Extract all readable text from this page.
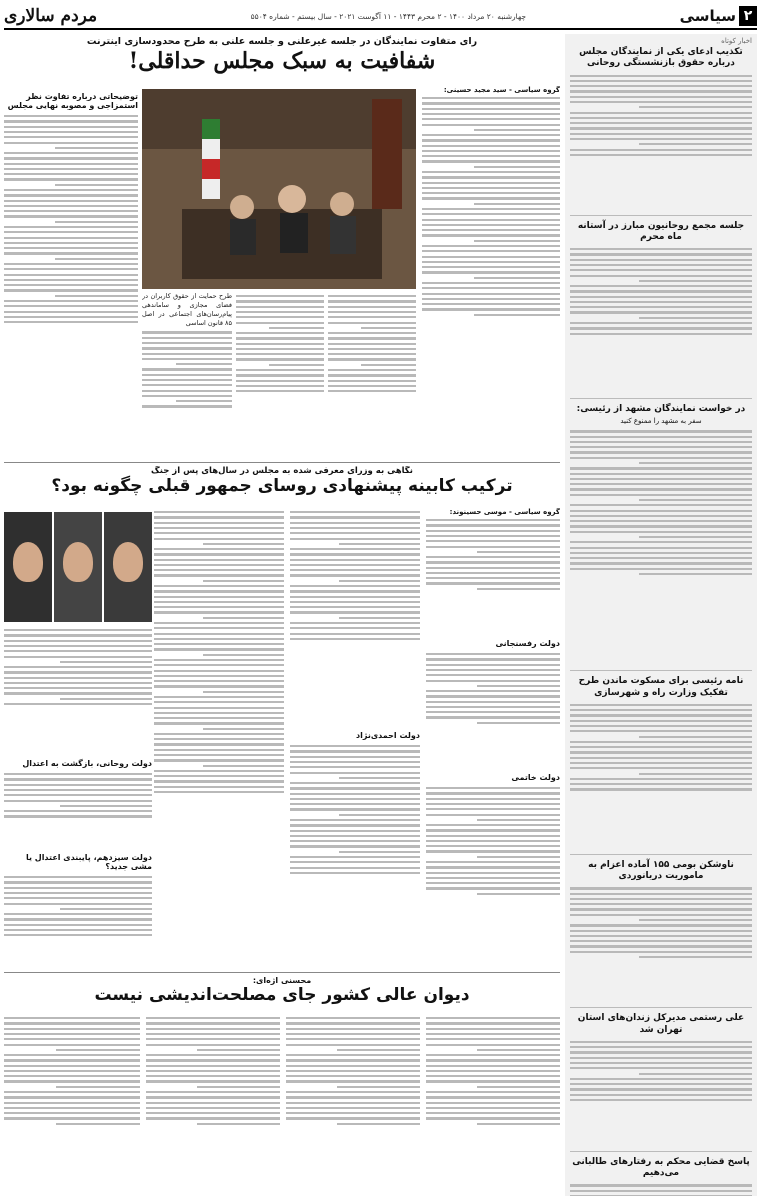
۲
سیاسی
چهارشنبه ۲۰ مرداد ۱۴۰۰ - ۲ محرم ۱۴۴۳ - ۱۱ آگوست ۲۰۲۱ - سال بیستم - شماره ۵۵۰۴
مردم سالاری
اخبار کوتاه
تکذیب ادعای یکی از نمایندگان مجلس درباره حقوق بازنشستگی روحانی
جلسه مجمع روحانیون مبارز در آستانه ماه محرم
در خواست نمایندگان مشهد از رئیسی:
سفر به مشهد را ممنوع کنید
نامه رئیسی برای مسکوت ماندن طرح تفکیک وزارت راه و شهرسازی
ناوشکن بومی ۱۵۵ آماده اعزام به ماموریت دریانوردی
علی رستمی مدیرکل زندان‌های استان تهران شد
پاسخ قضایی محکم به رفتارهای طالبانی می‌دهیم
رای متفاوت نمایندگان در جلسه غیرعلنی و جلسه علنی به طرح محدودسازی اینترنت
شفافیت به سبک مجلس حداقلی!
گروه سیاسی - سید مجید حسینی:
طرح حمایت از حقوق کاربران در فضای مجازی و ساماندهی پیام‌رسان‌های اجتماعی در اصل ۸۵ قانون اساسی
توضیحاتی درباره تفاوت نظر استمزاجی و مصوبه نهایی مجلس
نگاهی به وزرای معرفی شده به مجلس در سال‌های پس از جنگ
ترکیب کابینه پیشنهادی روسای جمهور قبلی چگونه بود؟
گروه سیاسی - موسی حسینوند:
دولت رفسنجانی
دولت خاتمی
دولت احمدی‌نژاد
دولت روحانی، بازگشت به اعتدال
دولت سیزدهم، پایبندی اعتدال یا مشی جدید؟
محسنی اژه‌ای:
دیوان عالی کشور جای مصلحت‌اندیشی نیست
